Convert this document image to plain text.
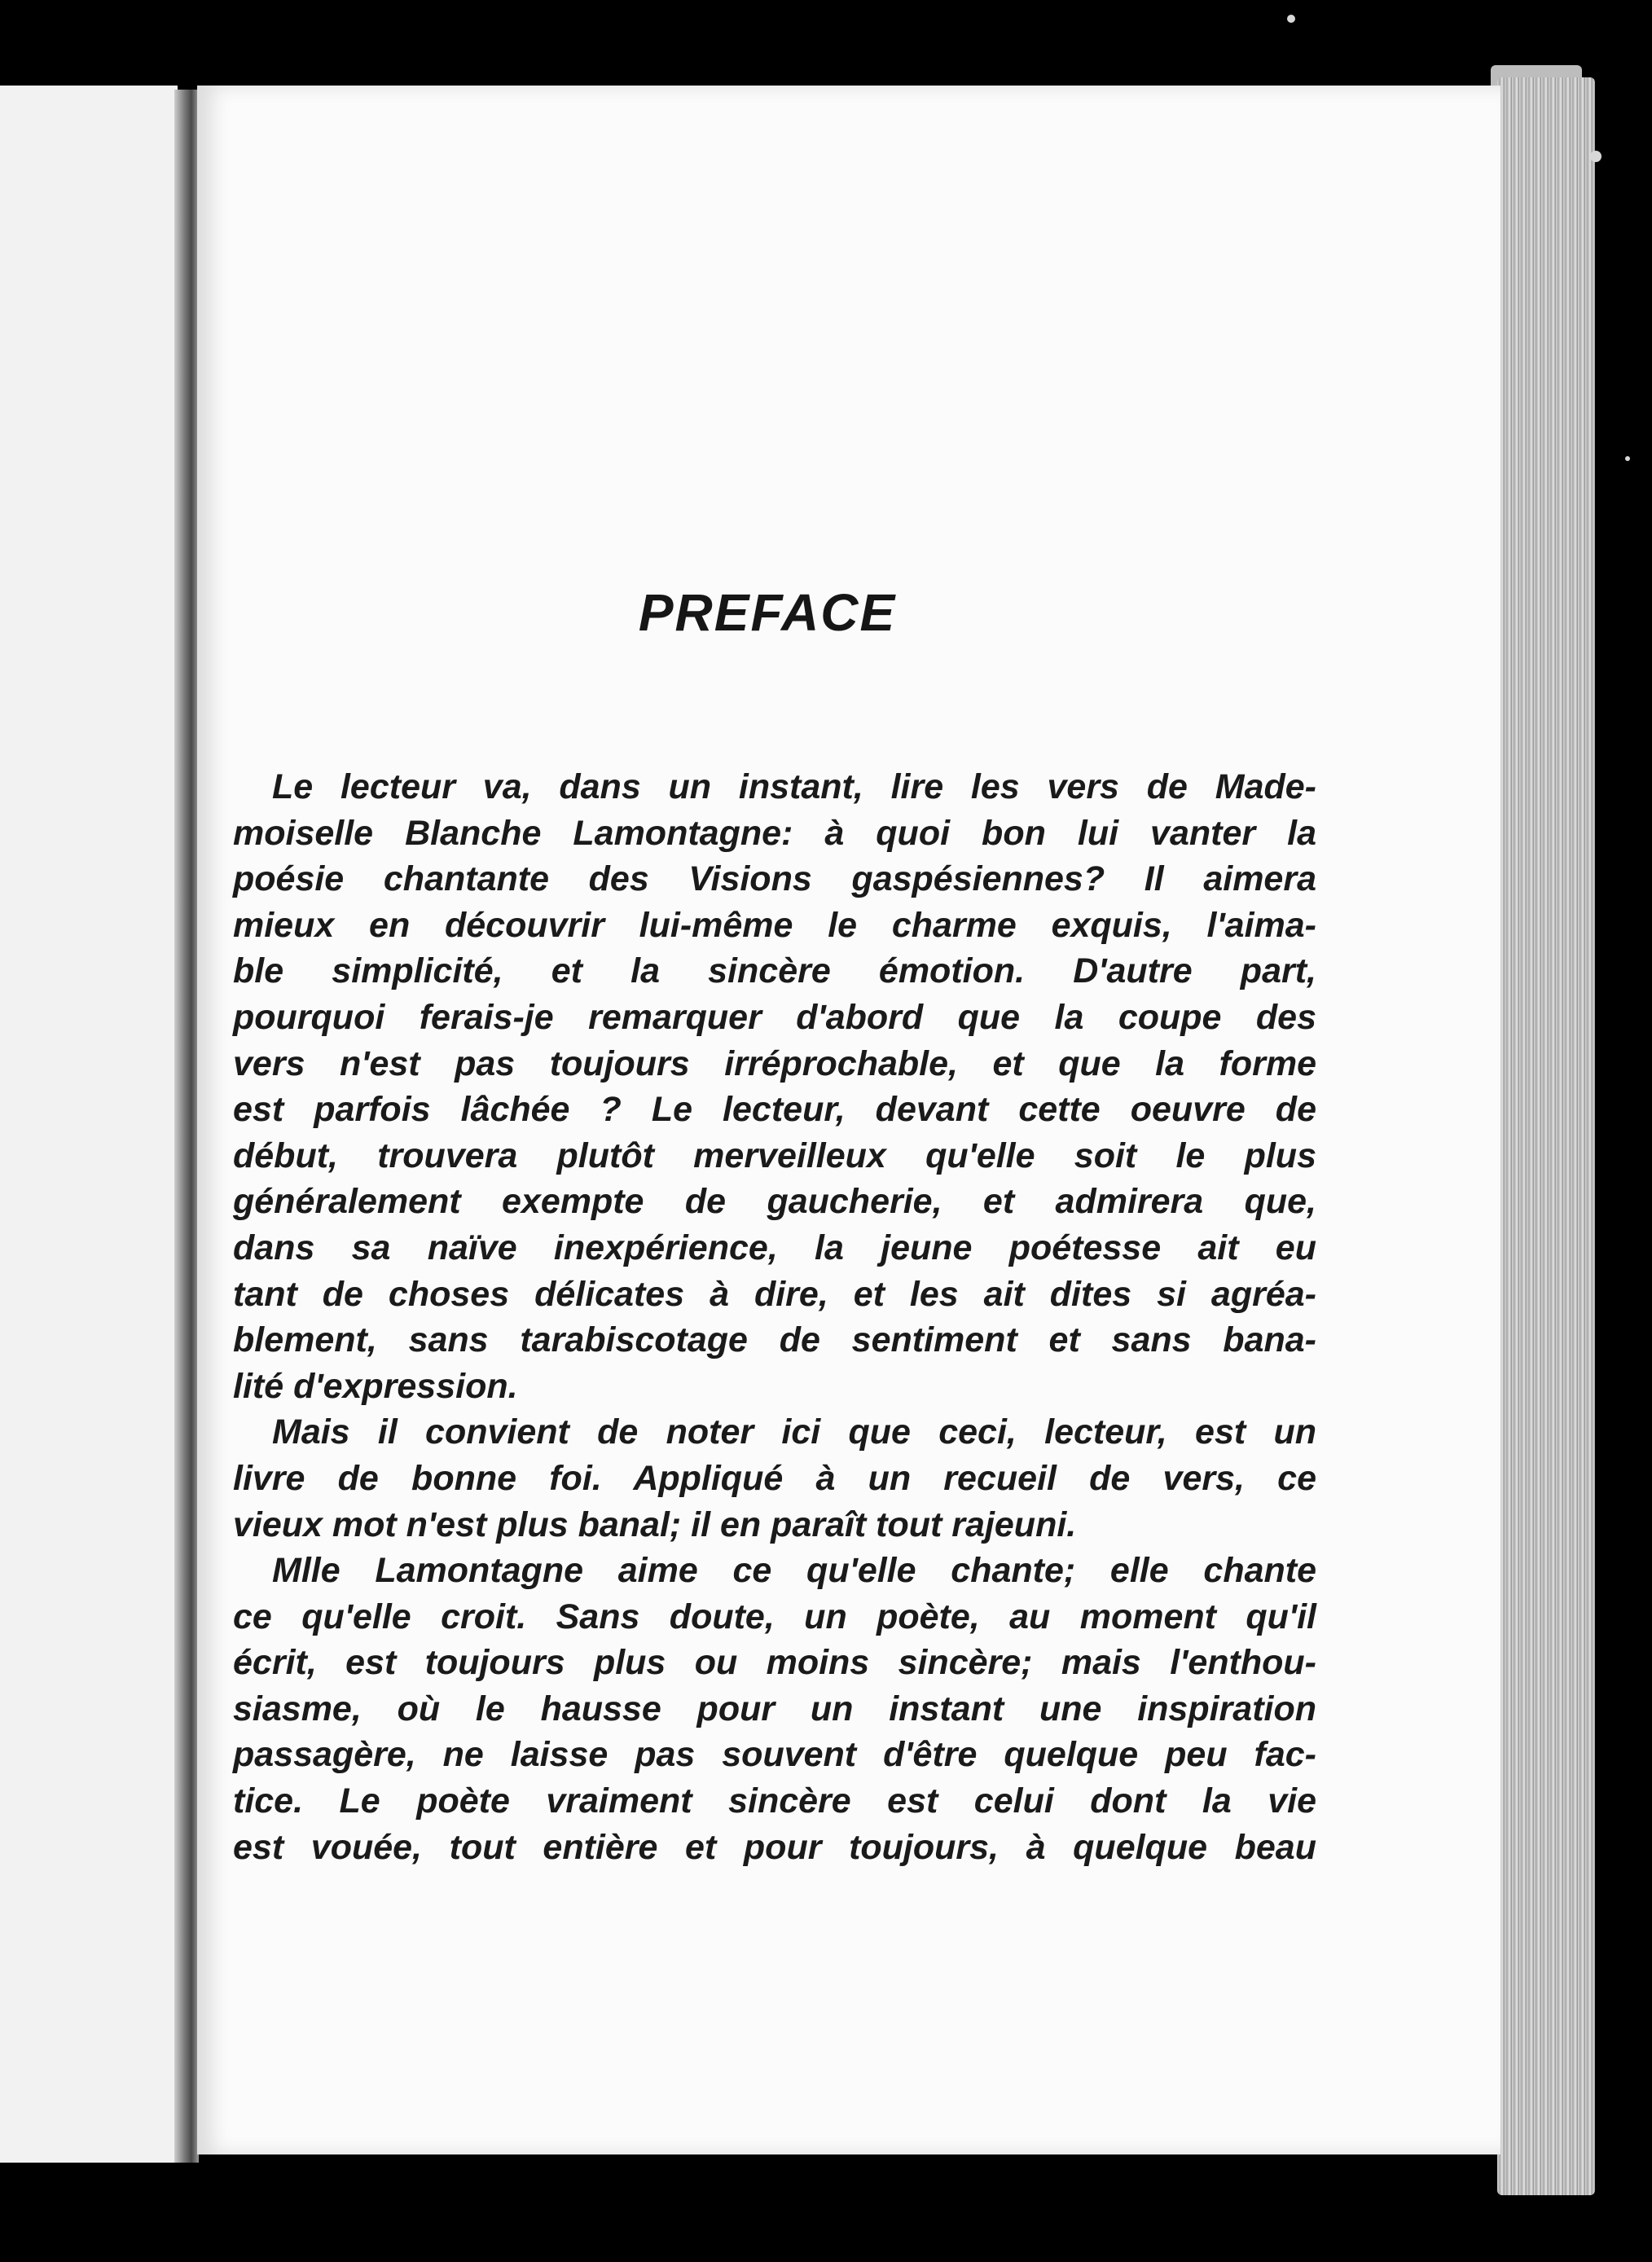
PREFACE
Le lecteur va, dans un instant, lire les vers de Made-
moiselle Blanche Lamontagne: à quoi bon lui vanter la
poésie chantante des Visions gaspésiennes? Il aimera
mieux en découvrir lui-même le charme exquis, l'aima-
ble simplicité, et la sincère émotion. D'autre part,
pourquoi ferais-je remarquer d'abord que la coupe des
vers n'est pas toujours irréprochable, et que la forme
est parfois lâchée ? Le lecteur, devant cette oeuvre de
début, trouvera plutôt merveilleux qu'elle soit le plus
généralement exempte de gaucherie, et admirera que,
dans sa naïve inexpérience, la jeune poétesse ait eu
tant de choses délicates à dire, et les ait dites si agréa-
blement, sans tarabiscotage de sentiment et sans bana-
lité d'expression.
Mais il convient de noter ici que ceci, lecteur, est un
livre de bonne foi. Appliqué à un recueil de vers, ce
vieux mot n'est plus banal; il en paraît tout rajeuni.
Mlle Lamontagne aime ce qu'elle chante; elle chante
ce qu'elle croit. Sans doute, un poète, au moment qu'il
écrit, est toujours plus ou moins sincère; mais l'enthou-
siasme, où le hausse pour un instant une inspiration
passagère, ne laisse pas souvent d'être quelque peu fac-
tice. Le poète vraiment sincère est celui dont la vie
est vouée, tout entière et pour toujours, à quelque beau
